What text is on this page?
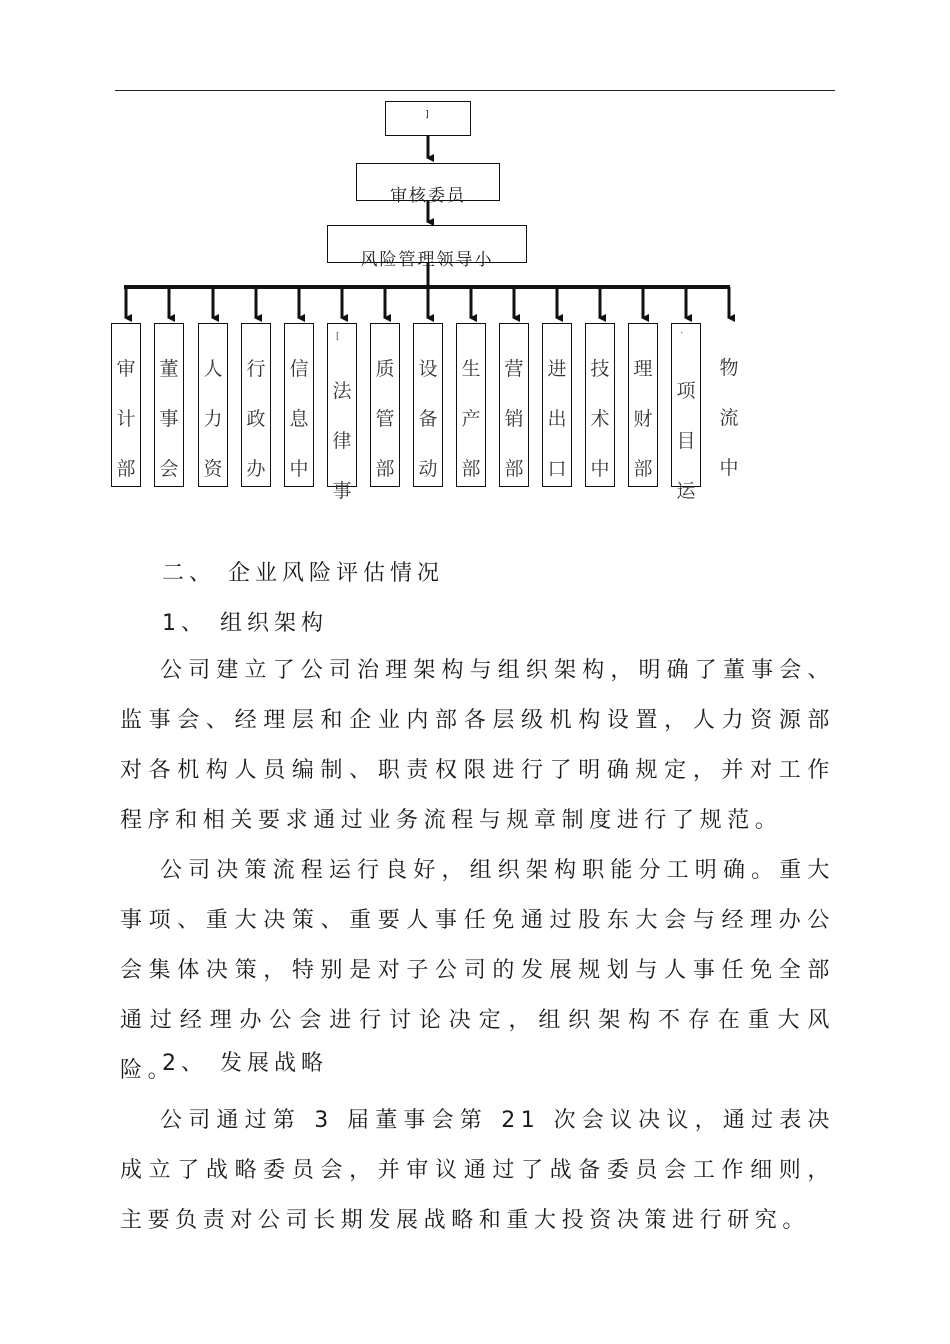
]
审核委员
风险管理领导小
审计部
董事会
人力资
行政办
信息中
[
法律事
质管部
设备动
生产部
营销部
进出口
技术中
理财部
`
项目运
物流中
二、 企业风险评估情况
1、 组织架构

公司建立了公司治理架构与组织架构，明确了董事会、监事会、经理层和企业内部各层级机构设置，人力资源部对各机构人员编制、职责权限进行了明确规定，并对工作程序和相关要求通过业务流程与规章制度进行了规范。

公司决策流程运行良好，组织架构职能分工明确。重大事项、重大决策、重要人事任免通过股东大会与经理办公会集体决策，特别是对子公司的发展规划与人事任免全部通过经理办公会进行讨论决定，组织架构不存在重大风险。

2、 发展战略

公司通过第 3 届董事会第 21 次会议决议，通过表决成立了战略委员会，并审议通过了战备委员会工作细则，主要负责对公司长期发展战略和重大投资决策进行研究。
